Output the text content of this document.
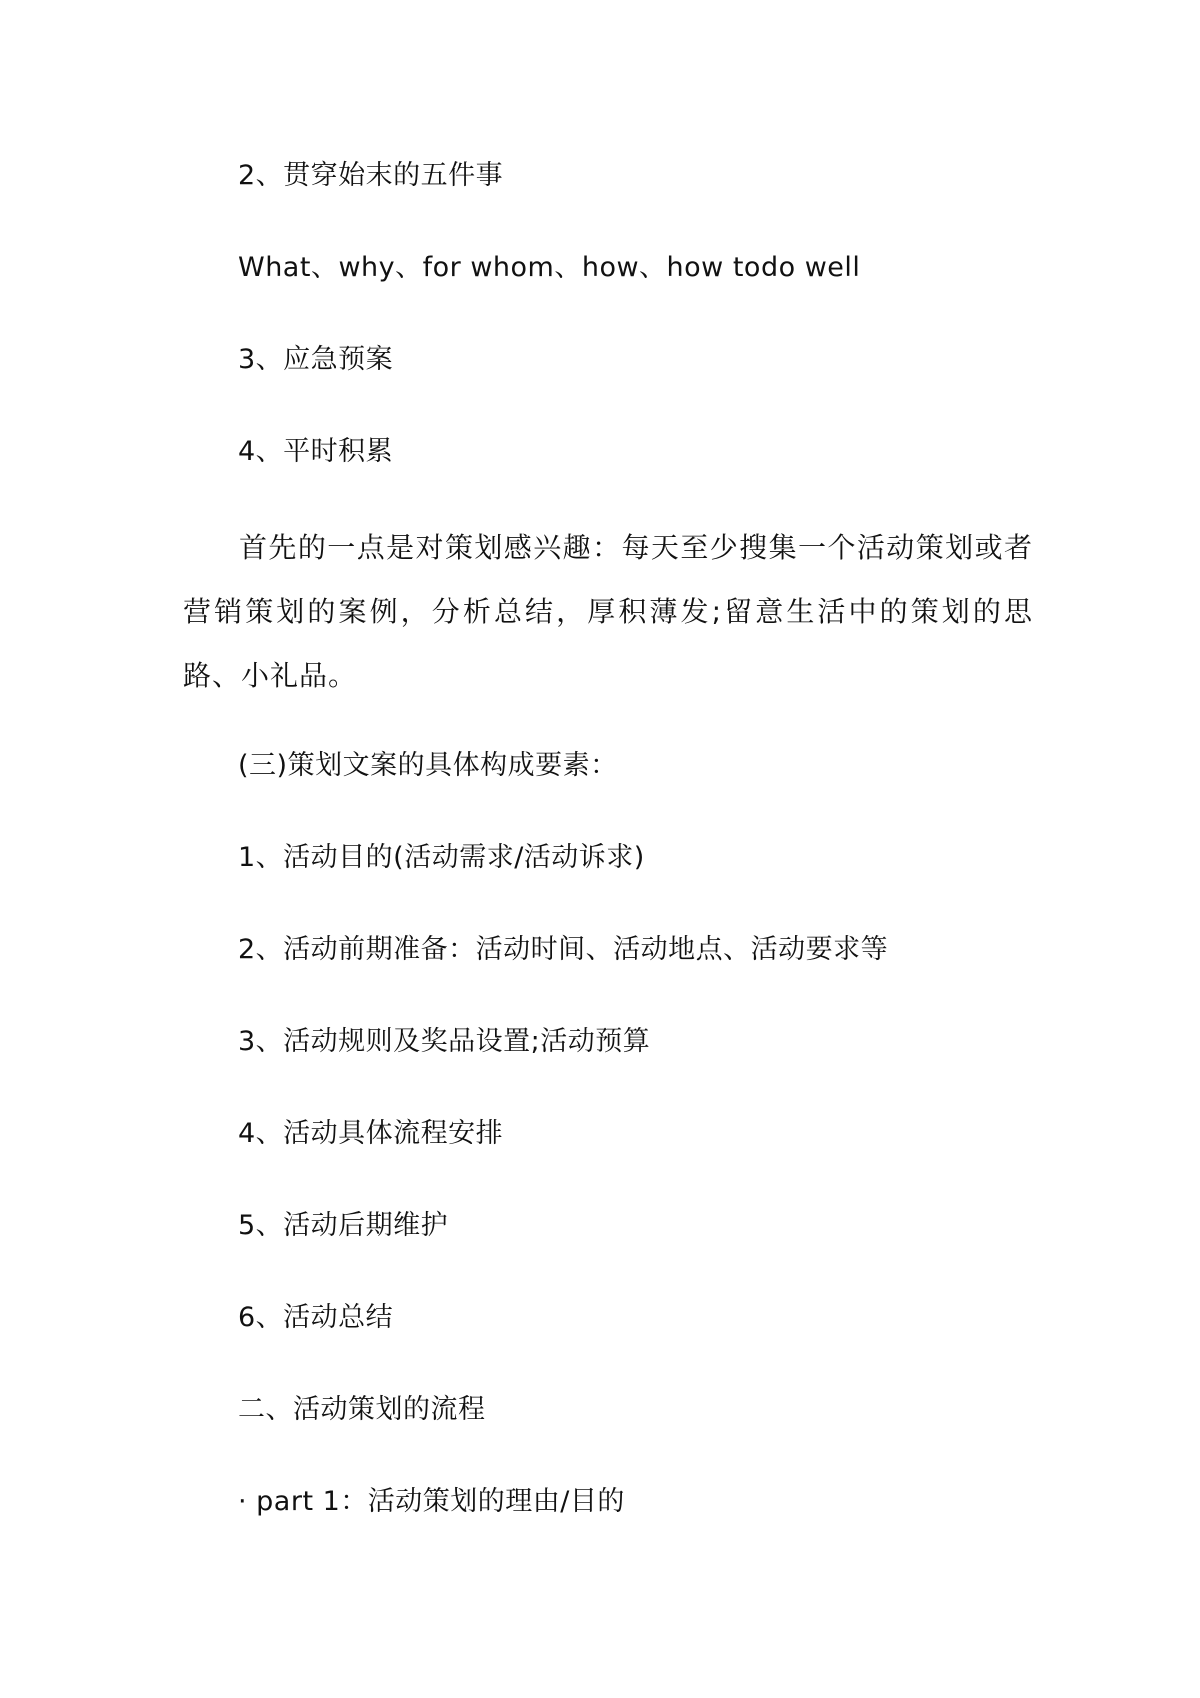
2、贯穿始末的五件事
What、why、for whom、how、how todo well
3、应急预案
4、平时积累
首先的一点是对策划感兴趣：每天至少搜集一个活动策划或者营销策划的案例，分析总结，厚积薄发;留意生活中的策划的思路、小礼品。
(三)策划文案的具体构成要素：
1、活动目的(活动需求/活动诉求)
2、活动前期准备：活动时间、活动地点、活动要求等
3、活动规则及奖品设置;活动预算
4、活动具体流程安排
5、活动后期维护
6、活动总结
二、活动策划的流程
· part 1：活动策划的理由/目的
